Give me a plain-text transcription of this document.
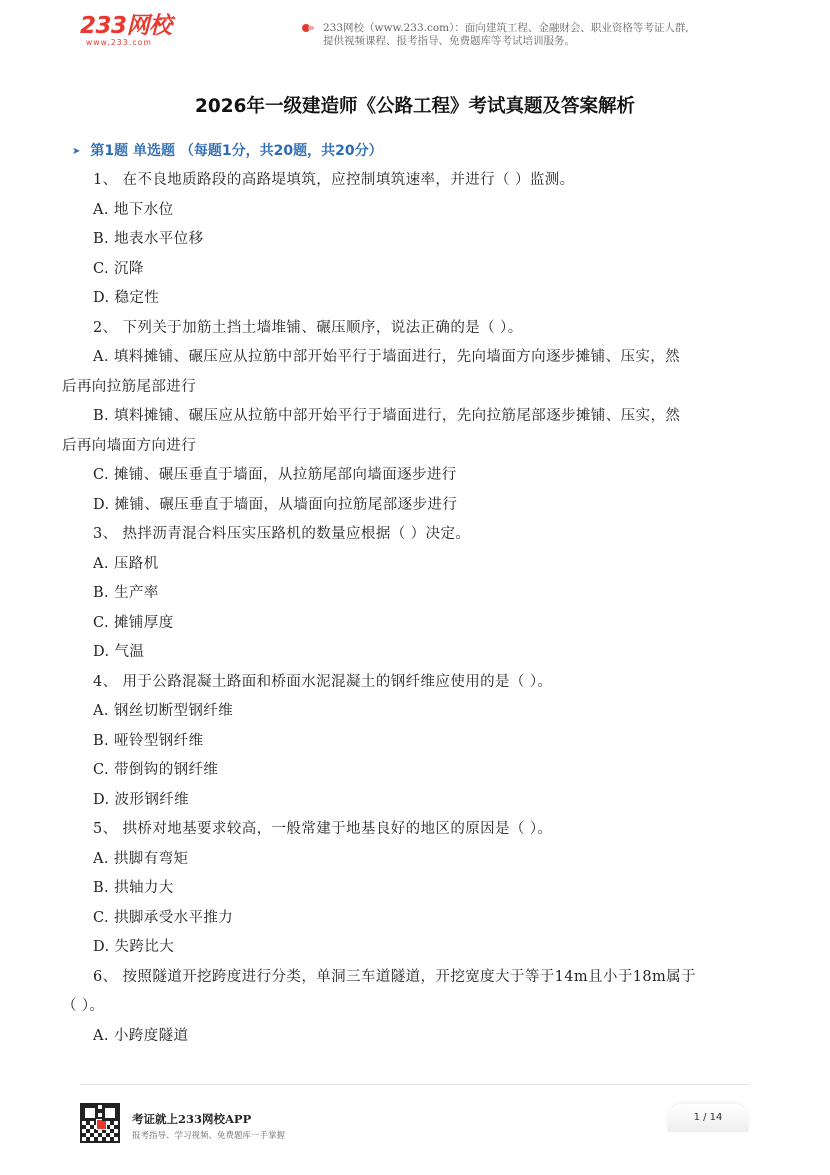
233网校
www.233.com
233网校（www.233.com）：面向建筑工程、金融财会、职业资格等考证人群,
提供视频课程、报考指导、免费题库等考试培训服务。
2026年一级建造师《公路工程》考试真题及答案解析
➤ 第1题 单选题 （每题1分，共20题，共20分）
1、 在不良地质路段的高路堤填筑，应控制填筑速率，并进行（ ）监测。
A. 地下水位
B. 地表水平位移
C. 沉降
D. 稳定性
2、 下列关于加筋土挡土墙堆铺、碾压顺序，说法正确的是（ ）。
A. 填料摊铺、碾压应从拉筋中部开始平行于墙面进行，先向墙面方向逐步摊铺、压实，然
后再向拉筋尾部进行
B. 填料摊铺、碾压应从拉筋中部开始平行于墙面进行，先向拉筋尾部逐步摊铺、压实，然
后再向墙面方向进行
C. 摊铺、碾压垂直于墙面，从拉筋尾部向墙面逐步进行
D. 摊铺、碾压垂直于墙面，从墙面向拉筋尾部逐步进行
3、 热拌沥青混合料压实压路机的数量应根据（ ）决定。
A. 压路机
B. 生产率
C. 摊铺厚度
D. 气温
4、 用于公路混凝土路面和桥面水泥混凝土的钢纤维应使用的是（ ）。
A. 钢丝切断型钢纤维
B. 哑铃型钢纤维
C. 带倒钩的钢纤维
D. 波形钢纤维
5、 拱桥对地基要求较高，一般常建于地基良好的地区的原因是（ ）。
A. 拱脚有弯矩
B. 拱轴力大
C. 拱脚承受水平推力
D. 失跨比大
6、 按照隧道开挖跨度进行分类，单洞三车道隧道，开挖宽度大于等于14m且小于18m属于
（ ）。
A. 小跨度隧道
考证就上233网校APP
报考指导、学习视频、免费题库一手掌握
1 / 14
